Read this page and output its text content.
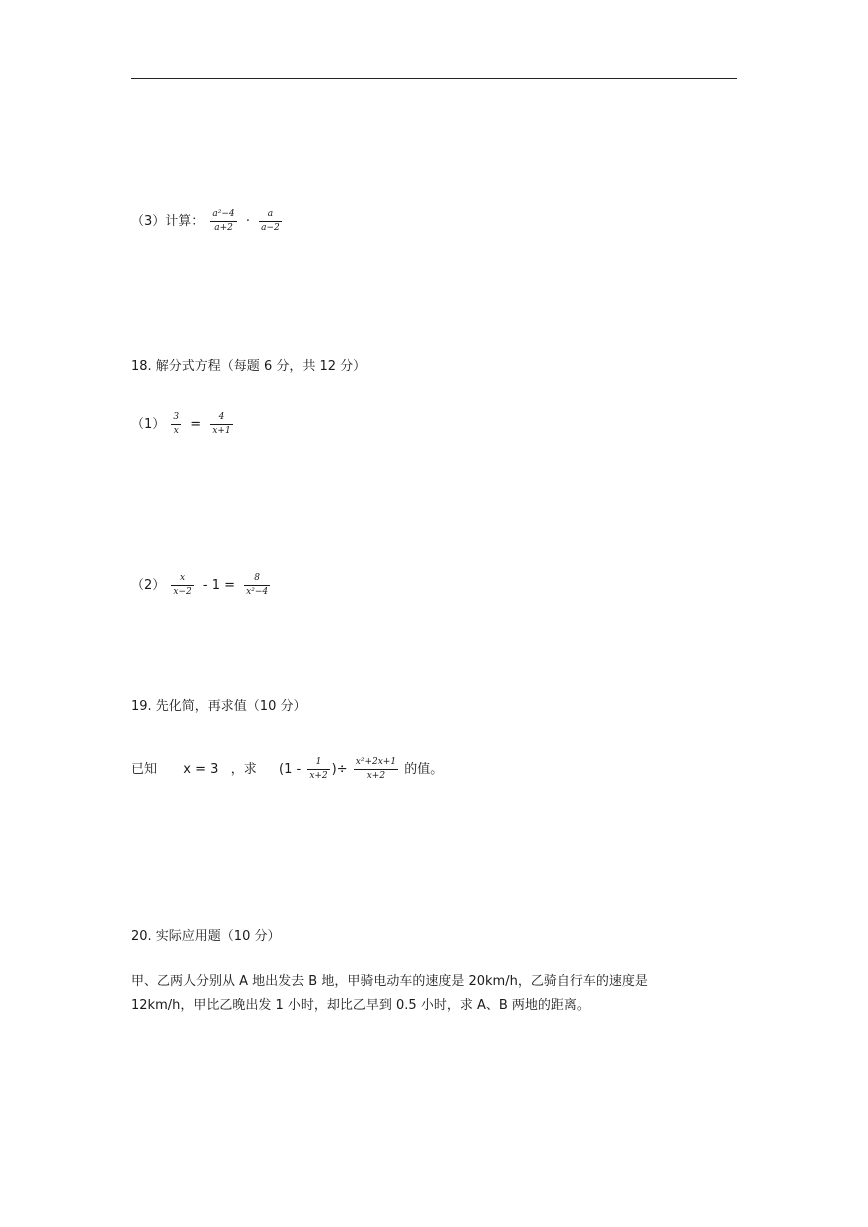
（3）计算： $\frac{\text{a²−4}}{a+2} \cdot \frac{a}{a-2}$
18. 解分式方程（每题 6 分，共 12 分）
$(1) \frac{3}{x} = \frac{4}{x+1}$
$(2) \frac{x}{x-2} - 1 = \frac{8}{\text{x²−4}}$
19. 先化简，再求值（10 分）
已知 x = 3 ，求 ($1 - \frac{1}{x+2}$ )÷ $\frac{\text{x²+2x+1}}{x+2}$ 的值。
20. 实际应用题（10 分）
甲、乙两人分别从 A 地出发去 B 地，甲骑电动车的速度是 20km/h，乙骑自行车的速度是
12km/h，甲比乙晚出发 1 小时，却比乙早到 0.5 小时，求 A、B 两地的距离。
